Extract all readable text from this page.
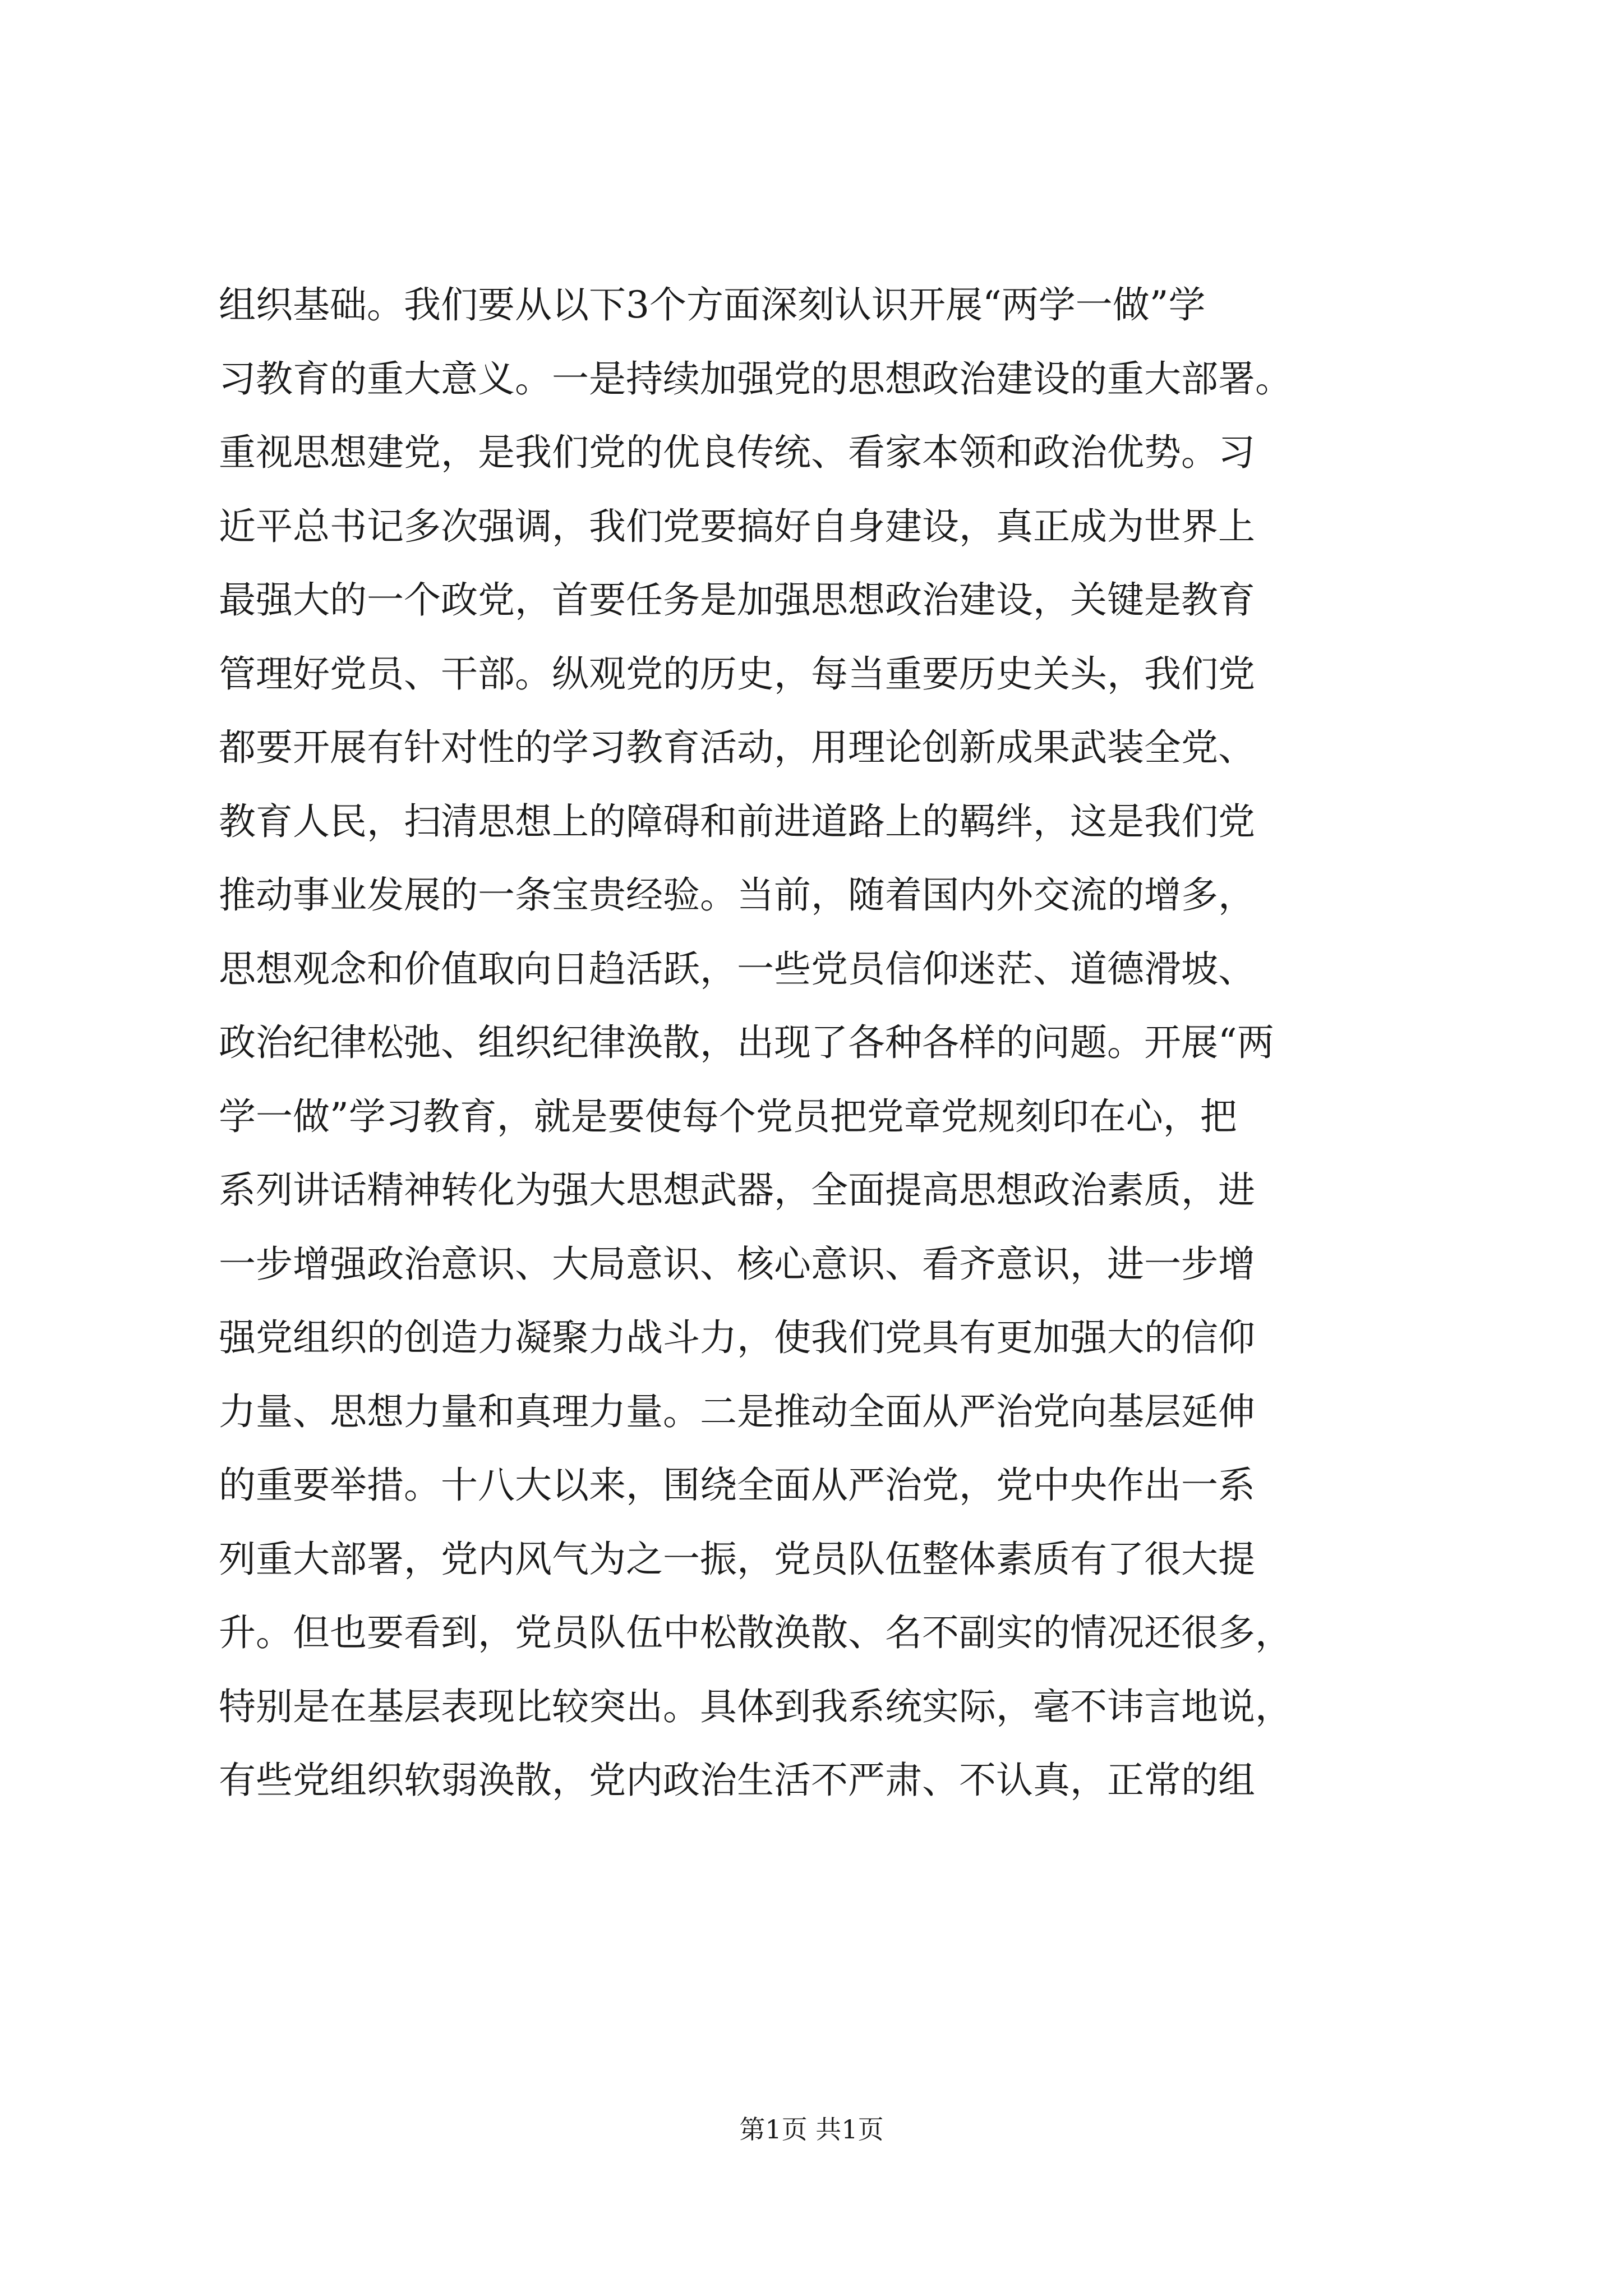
组织基础。我们要从以下3个方面深刻认识开展“两学一做”学
习教育的重大意义。一是持续加强党的思想政治建设的重大部署。
重视思想建党，是我们党的优良传统、看家本领和政治优势。习
近平总书记多次强调，我们党要搞好自身建设，真正成为世界上
最强大的一个政党，首要任务是加强思想政治建设，关键是教育
管理好党员、干部。纵观党的历史，每当重要历史关头，我们党
都要开展有针对性的学习教育活动，用理论创新成果武装全党、
教育人民，扫清思想上的障碍和前进道路上的羁绊，这是我们党
推动事业发展的一条宝贵经验。当前，随着国内外交流的增多，
思想观念和价值取向日趋活跃，一些党员信仰迷茫、道德滑坡、
政治纪律松弛、组织纪律涣散，出现了各种各样的问题。开展“两
学一做”学习教育，就是要使每个党员把党章党规刻印在心，把
系列讲话精神转化为强大思想武器，全面提高思想政治素质，进
一步增强政治意识、大局意识、核心意识、看齐意识，进一步增
强党组织的创造力凝聚力战斗力，使我们党具有更加强大的信仰
力量、思想力量和真理力量。二是推动全面从严治党向基层延伸
的重要举措。十八大以来，围绕全面从严治党，党中央作出一系
列重大部署，党内风气为之一振，党员队伍整体素质有了很大提
升。但也要看到，党员队伍中松散涣散、名不副实的情况还很多，
特别是在基层表现比较突出。具体到我系统实际，毫不讳言地说，
有些党组织软弱涣散，党内政治生活不严肃、不认真，正常的组
第1页 共1页
